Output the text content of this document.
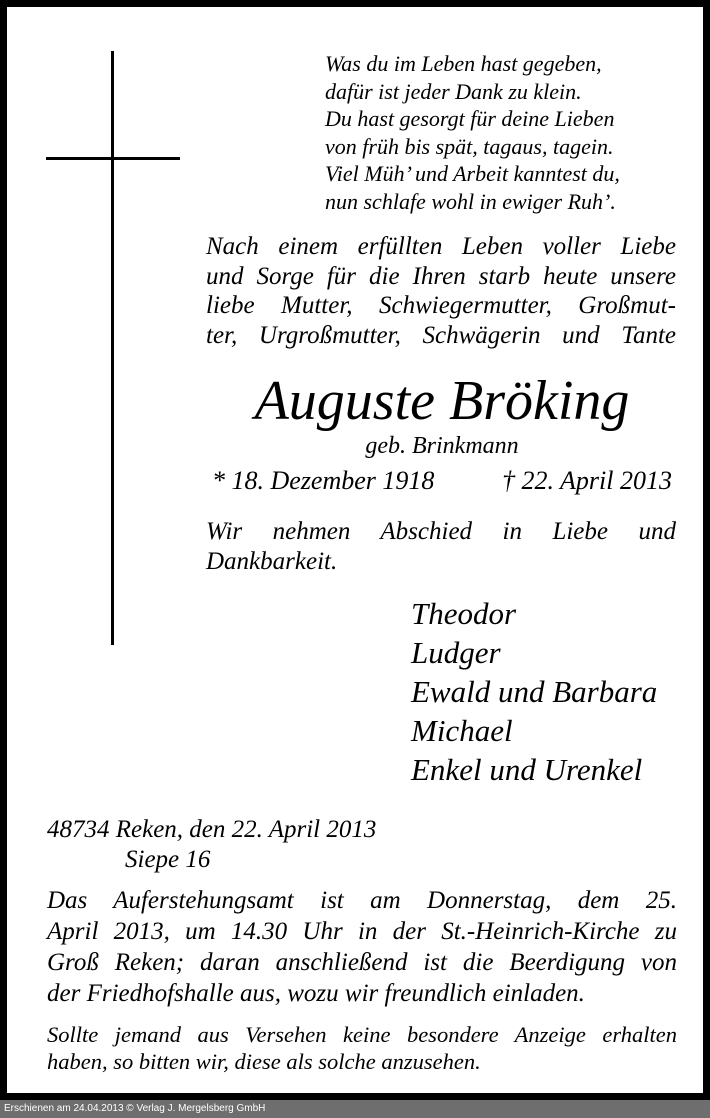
Was du im Leben hast gegeben,
dafür ist jeder Dank zu klein.
Du hast gesorgt für deine Lieben
von früh bis spät, tagaus, tagein.
Viel Müh’ und Arbeit kanntest du,
nun schlafe wohl in ewiger Ruh’.
Nach einem erfüllten Leben voller Liebe
und Sorge für die Ihren starb heute unsere
liebe Mutter, Schwiegermutter, Großmut-
ter, Urgroßmutter, Schwägerin und Tante
Auguste Bröking
geb. Brinkmann
* 18. Dezember 1918	† 22. April 2013
Wir nehmen Abschied in Liebe und
Dankbarkeit.
Theodor
Ludger
Ewald und Barbara
Michael
Enkel und Urenkel
48734 Reken, den 22. April 2013
Siepe 16
Das Auferstehungsamt ist am Donnerstag, dem 25.
April 2013, um 14.30 Uhr in der St.-Heinrich-Kirche zu
Groß Reken; daran anschließend ist die Beerdigung von
der Friedhofshalle aus, wozu wir freundlich einladen.
Sollte jemand aus Versehen keine besondere Anzeige erhalten
haben, so bitten wir, diese als solche anzusehen.
Erschienen am 24.04.2013 © Verlag J. Mergelsberg GmbH
